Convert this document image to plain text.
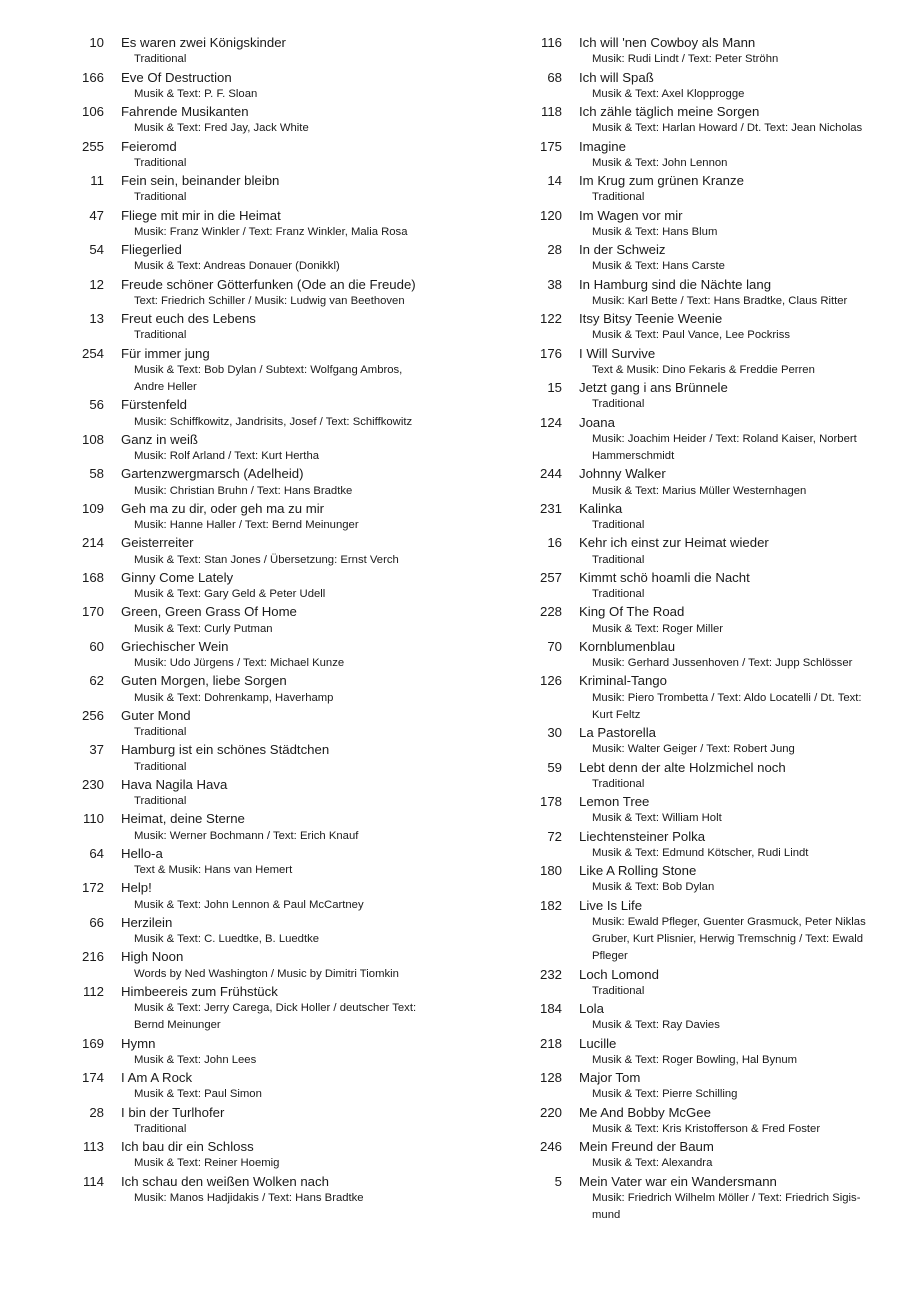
10 Es waren zwei Königskinder
Traditional
166 Eve Of Destruction
Musik & Text: P. F. Sloan
106 Fahrende Musikanten
Musik & Text: Fred Jay, Jack White
255 Feieromd
Traditional
11 Fein sein, beinander bleibn
Traditional
47 Fliege mit mir in die Heimat
Musik: Franz Winkler / Text: Franz Winkler, Malia Rosa
54 Fliegerlied
Musik & Text: Andreas Donauer (Donikkl)
12 Freude schöner Götterfunken (Ode an die Freude)
Text: Friedrich Schiller / Musik: Ludwig van Beethoven
13 Freut euch des Lebens
Traditional
254 Für immer jung
Musik & Text: Bob Dylan / Subtext: Wolfgang Ambros,
Andre Heller
56 Fürstenfeld
Musik: Schiffkowitz, Jandrisits, Josef / Text: Schiffkowitz
108 Ganz in weiß
Musik: Rolf Arland / Text: Kurt Hertha
58 Gartenzwergmarsch (Adelheid)
Musik: Christian Bruhn / Text: Hans Bradtke
109 Geh ma zu dir, oder geh ma zu mir
Musik: Hanne Haller / Text: Bernd Meinunger
214 Geisterreiter
Musik & Text: Stan Jones / Übersetzung: Ernst Verch
168 Ginny Come Lately
Musik & Text: Gary Geld & Peter Udell
170 Green, Green Grass Of Home
Musik & Text: Curly Putman
60 Griechischer Wein
Musik: Udo Jürgens / Text: Michael Kunze
62 Guten Morgen, liebe Sorgen
Musik & Text: Dohrenkamp, Haverhamp
256 Guter Mond
Traditional
37 Hamburg ist ein schönes Städtchen
Traditional
230 Hava Nagila Hava
Traditional
110 Heimat, deine Sterne
Musik: Werner Bochmann / Text: Erich Knauf
64 Hello-a
Text & Musik: Hans van Hemert
172 Help!
Musik & Text: John Lennon & Paul McCartney
66 Herzilein
Musik & Text: C. Luedtke, B. Luedtke
216 High Noon
Words by Ned Washington / Music by Dimitri Tiomkin
112 Himbeereis zum Frühstück
Musik & Text: Jerry Carega, Dick Holler / deutscher Text:
Bernd Meinunger
169 Hymn
Musik & Text: John Lees
174 I Am A Rock
Musik & Text: Paul Simon
28 I bin der Turlhofer
Traditional
113 Ich bau dir ein Schloss
Musik & Text: Reiner Hoemig
114 Ich schau den weißen Wolken nach
Musik: Manos Hadjidakis / Text: Hans Bradtke
116 Ich will 'nen Cowboy als Mann
Musik: Rudi Lindt / Text: Peter Ströhn
68 Ich will Spaß
Musik & Text: Axel Klopprogge
118 Ich zähle täglich meine Sorgen
Musik & Text: Harlan Howard / Dt. Text: Jean Nicholas
175 Imagine
Musik & Text: John Lennon
14 Im Krug zum grünen Kranze
Traditional
120 Im Wagen vor mir
Musik & Text: Hans Blum
28 In der Schweiz
Musik & Text: Hans Carste
38 In Hamburg sind die Nächte lang
Musik: Karl Bette / Text: Hans Bradtke, Claus Ritter
122 Itsy Bitsy Teenie Weenie
Musik & Text: Paul Vance, Lee Pockriss
176 I Will Survive
Text & Musik: Dino Fekaris & Freddie Perren
15 Jetzt gang i ans Brünnele
Traditional
124 Joana
Musik: Joachim Heider / Text: Roland Kaiser, Norbert
Hammerschmidt
244 Johnny Walker
Musik & Text: Marius Müller Westernhagen
231 Kalinka
Traditional
16 Kehr ich einst zur Heimat wieder
Traditional
257 Kimmt schö hoamli die Nacht
Traditional
228 King Of The Road
Musik & Text: Roger Miller
70 Kornblumenblau
Musik: Gerhard Jussenhoven / Text: Jupp Schlösser
126 Kriminal-Tango
Musik: Piero Trombetta / Text: Aldo Locatelli / Dt. Text:
Kurt Feltz
30 La Pastorella
Musik: Walter Geiger / Text: Robert Jung
59 Lebt denn der alte Holzmichel noch
Traditional
178 Lemon Tree
Musik & Text: William Holt
72 Liechtensteiner Polka
Musik & Text: Edmund Kötscher, Rudi Lindt
180 Like A Rolling Stone
Musik & Text: Bob Dylan
182 Live Is Life
Musik: Ewald Pfleger, Guenter Grasmuck, Peter Niklas
Gruber, Kurt Plisnier, Herwig Tremschnig / Text: Ewald
Pfleger
232 Loch Lomond
Traditional
184 Lola
Musik & Text: Ray Davies
218 Lucille
Musik & Text: Roger Bowling, Hal Bynum
128 Major Tom
Musik & Text: Pierre Schilling
220 Me And Bobby McGee
Musik & Text: Kris Kristofferson & Fred Foster
246 Mein Freund der Baum
Musik & Text: Alexandra
5 Mein Vater war ein Wandersmann
Musik: Friedrich Wilhelm Möller / Text: Friedrich Sigis-
mund
